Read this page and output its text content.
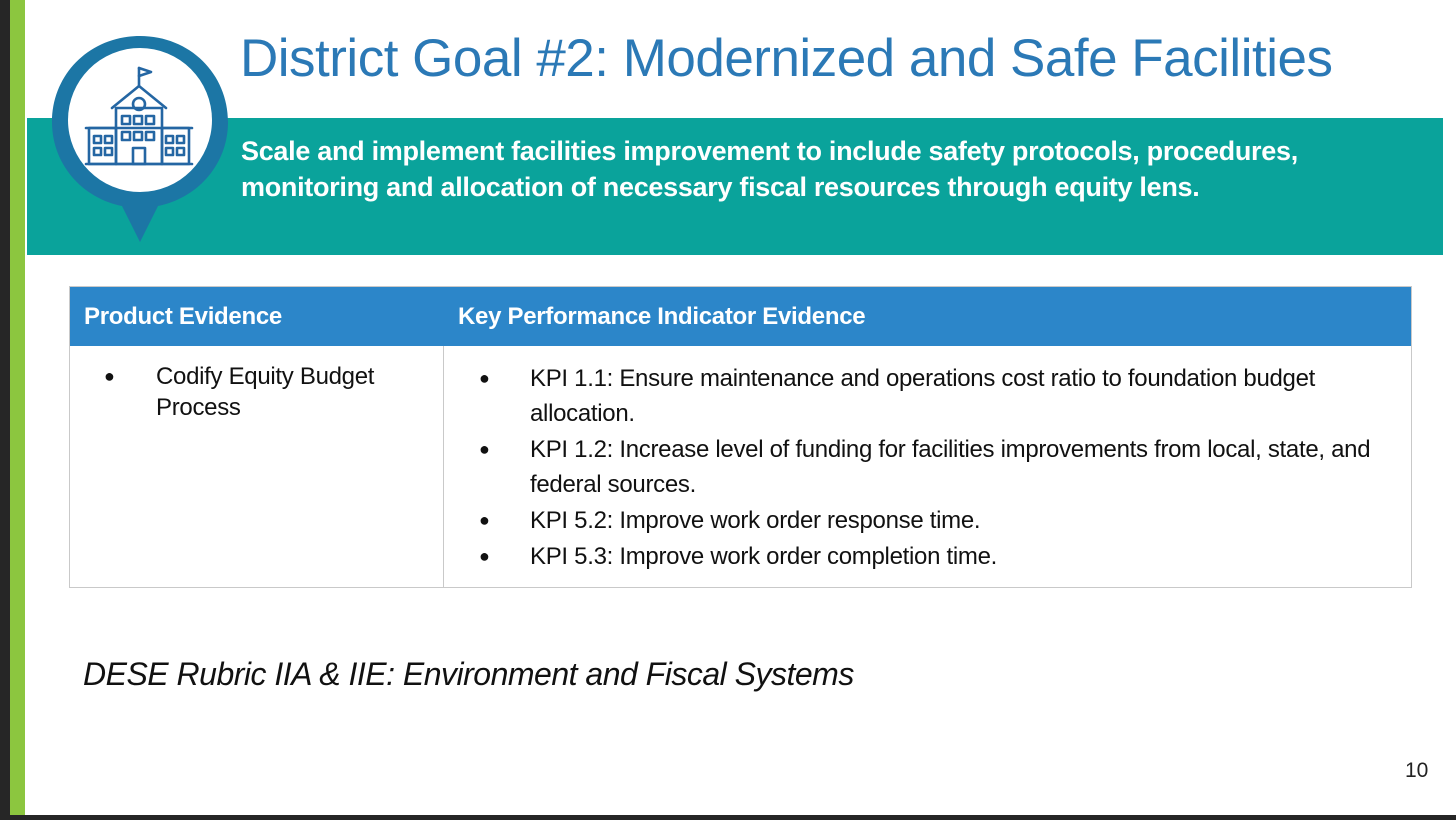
Scale and implement facilities improvement to include safety protocols, procedures, monitoring and allocation of necessary fiscal resources through equity lens.
District Goal #2: Modernized and Safe Facilities
Product Evidence	Key Performance Indicator Evidence
● Codify Equity Budget Process
● KPI 1.1: Ensure maintenance and operations cost ratio to foundation budget allocation.
● KPI 1.2: Increase level of funding for facilities improvements from local, state, and federal sources.
● KPI 5.2: Improve work order response time.
● KPI 5.3: Improve work order completion time.

DESE Rubric IIA & IIE: Environment and Fiscal Systems

10
